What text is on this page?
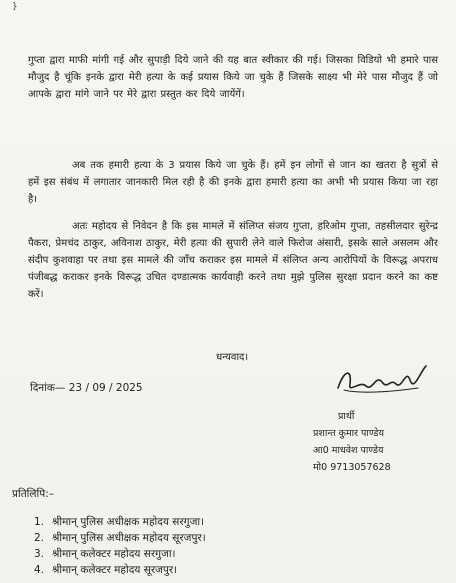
}

गुप्ता द्वारा माफी मांगी गई और सुपाड़ी दिये जाने की यह बात स्वीकार की गई। जिसका विडियो भी हमारे पास मौजुद है चूंकि इनके द्वारा मेरी हत्या के कई प्रयास किये जा चुके हैं जिसके साक्ष्य भी मेरे पास मौजुद हैं जो आपके द्वारा मांगे जाने पर मेरे द्वारा प्रस्तुत कर दिये जायेंगें।

अब तक हमारी हत्या के 3 प्रयास किये जा चुके हैं। हमें इन लोगों से जान का खतरा है सुत्रों से हमें इस संबंध में लगातार जानकारी मिल रही है की इनके द्वारा हमारी हत्या का अभी भी प्रयास किया जा रहा है।

अतः महोदय से निवेदन है कि इस मामले में संलिप्त संजय गुप्ता, हरिओम गुप्ता, तहसीलदार सुरेन्द्र पैकरा, प्रेमचंद ठाकुर, अविनाश ठाकुर, मेरी हत्या की सुपारी लेने वाले फिरोज अंसारी, इसके साले असलम और संदीप कुशवाहा पर तथा इस मामले की जाँच कराकर इस मामले में संलिप्त अन्य आरोपियों के विरूद्ध अपराध पंजीबद्ध कराकर इनके विरूद्ध उचित दण्डात्मक कार्यवाही करने तथा मुझे पुलिस सुरक्षा प्रदान करने का कष्ट करें।

धन्यवाद।
दिनांक— 23 / 09 / 2025
प्रार्थी
प्रशान्त कुमार पाण्डेय
आ0 माधवेश पाण्डेय
मो0 9713057628
प्रतिलिपि:–
1. श्रीमान् पुलिस अधीक्षक महोदय सरगुजा।
2. श्रीमान् पुलिस अधीक्षक महोदय सूरजपुर।
3. श्रीमान् कलेक्टर महोदय सरगुजा।
4. श्रीमान् कलेक्टर महोदय सूरजपुर।
